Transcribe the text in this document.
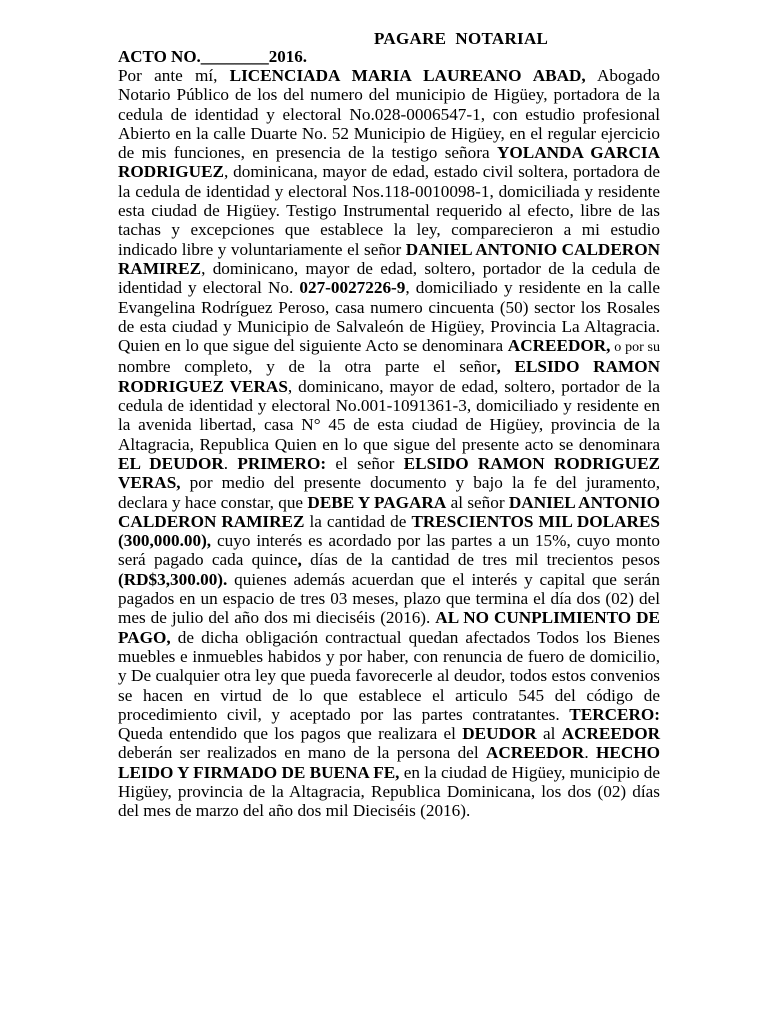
PAGARE  NOTARIAL
ACTO NO.________2016.

Por ante mí, LICENCIADA MARIA LAUREANO ABAD, Abogado Notario Público de los del numero del municipio de Higüey, portadora de la cedula de identidad y electoral No.028-0006547-1, con estudio profesional Abierto en la calle Duarte No. 52 Municipio de Higüey, en el regular ejercicio de mis funciones, en presencia de la testigo señora YOLANDA GARCIA RODRIGUEZ, dominicana, mayor de edad, estado civil soltera, portadora de la cedula de identidad y electoral Nos.118-0010098-1, domiciliada y residente esta ciudad de Higüey. Testigo Instrumental requerido al efecto, libre de las tachas y excepciones que establece la ley, comparecieron a mi estudio indicado libre y voluntariamente el señor DANIEL ANTONIO CALDERON RAMIREZ, dominicano, mayor de edad, soltero, portador de la cedula de identidad y electoral No. 027-0027226-9, domiciliado y residente en la calle Evangelina Rodríguez Peroso, casa numero cincuenta (50) sector los Rosales de esta ciudad y Municipio de Salvaleón de Higüey, Provincia La Altagracia. Quien en lo que sigue del siguiente Acto se denominara ACREEDOR, o por su nombre completo, y de la otra parte el señor, ELSIDO RAMON RODRIGUEZ VERAS, dominicano, mayor de edad, soltero, portador de la cedula de identidad y electoral No.001-1091361-3, domiciliado y residente en la avenida libertad, casa N° 45 de esta ciudad de Higüey, provincia de la Altagracia, Republica Quien en lo que sigue del presente acto se denominara EL DEUDOR. PRIMERO: el señor ELSIDO RAMON RODRIGUEZ VERAS, por medio del presente documento y bajo la fe del juramento, declara y hace constar, que DEBE Y PAGARA al señor DANIEL ANTONIO CALDERON RAMIREZ la cantidad de TRESCIENTOS MIL DOLARES (300,000.00), cuyo interés es acordado por las partes a un 15%, cuyo monto será pagado cada quince, días de la cantidad de tres mil trecientos pesos (RD$3,300.00). quienes además acuerdan que el interés y capital que serán pagados en un espacio de tres 03 meses, plazo que termina el día dos (02) del mes de julio del año dos mi dieciséis (2016). AL NO CUNPLIMIENTO DE PAGO, de dicha obligación contractual quedan afectados Todos los Bienes muebles e inmuebles habidos y por haber, con renuncia de fuero de domicilio, y De cualquier otra ley que pueda favorecerle al deudor, todos estos convenios se hacen en virtud de lo que establece el articulo 545 del código de procedimiento civil, y aceptado por las partes contratantes. TERCERO: Queda entendido que los pagos que realizara el DEUDOR al ACREEDOR deberán ser realizados en mano de la persona del ACREEDOR. HECHO LEIDO Y FIRMADO DE BUENA FE, en la ciudad de Higüey, municipio de Higüey, provincia de la Altagracia, Republica Dominicana, los dos (02) días del mes de marzo del año dos mil Dieciséis (2016).
